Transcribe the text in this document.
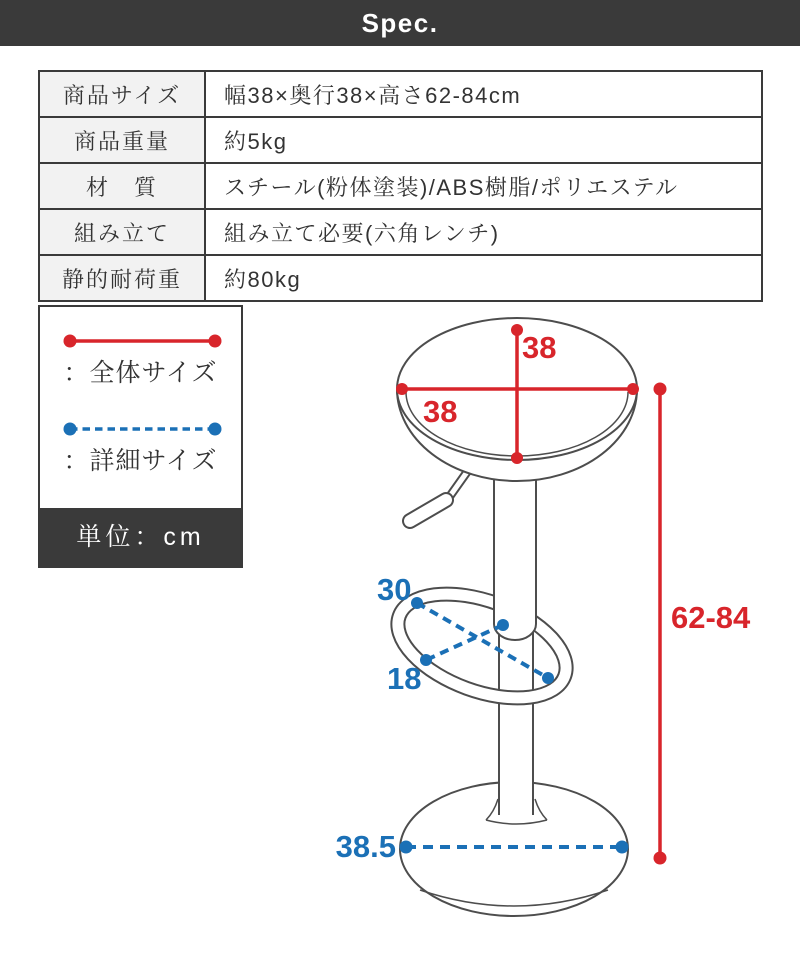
Spec.
商品サイズ	幅38×奥行38×高さ62-84cm
商品重量	約5kg
材　質	スチール(粉体塗装)/ABS樹脂/ポリエステル
組み立て	組み立て必要(六角レンチ)
静的耐荷重	約80kg
：全体サイズ
：詳細サイズ
単位：cm
38
38
62-84
30
18
38.5
